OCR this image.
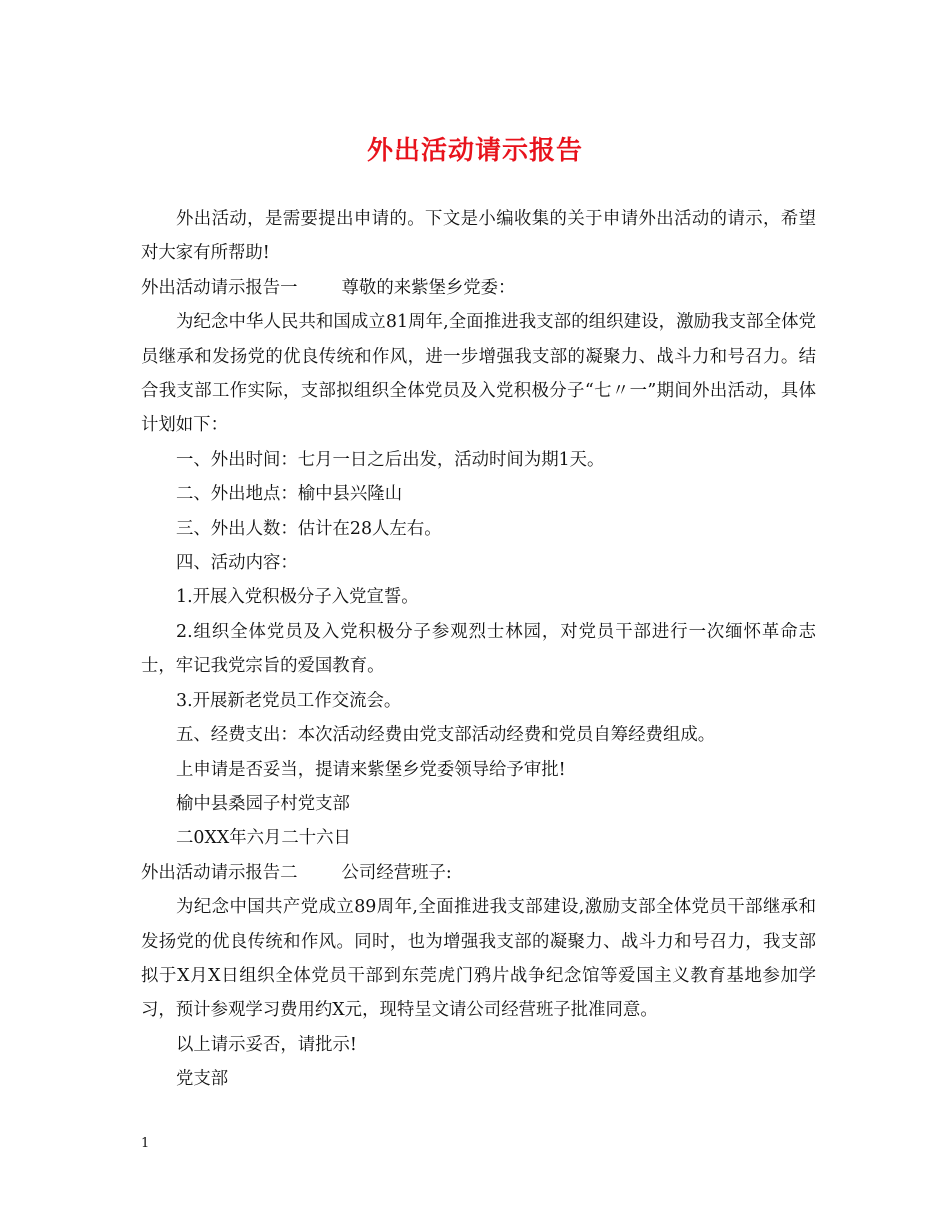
外出活动请示报告

外出活动，是需要提出申请的。下文是小编收集的关于申请外出活动的请示，希望对大家有所帮助!

外出活动请示报告一	尊敬的来紫堡乡党委：

为纪念中华人民共和国成立81周年,全面推进我支部的组织建设，激励我支部全体党员继承和发扬党的优良传统和作风，进一步增强我支部的凝聚力、战斗力和号召力。结合我支部工作实际，支部拟组织全体党员及入党积极分子“七〃一”期间外出活动，具体计划如下：

一、外出时间：七月一日之后出发，活动时间为期1天。

二、外出地点：榆中县兴隆山

三、外出人数：估计在28人左右。

四、活动内容：

1.开展入党积极分子入党宣誓。

2.组织全体党员及入党积极分子参观烈士林园，对党员干部进行一次缅怀革命志士，牢记我党宗旨的爱国教育。

3.开展新老党员工作交流会。

五、经费支出：本次活动经费由党支部活动经费和党员自筹经费组成。

上申请是否妥当，提请来紫堡乡党委领导给予审批!

榆中县桑园子村党支部

二0XX年六月二十六日

外出活动请示报告二	公司经营班子:

为纪念中国共产党成立89周年,全面推进我支部建设,激励支部全体党员干部继承和发扬党的优良传统和作风。同时，也为增强我支部的凝聚力、战斗力和号召力，我支部拟于X月X日组织全体党员干部到东莞虎门鸦片战争纪念馆等爱国主义教育基地参加学习，预计参观学习费用约X元，现特呈文请公司经营班子批准同意。

以上请示妥否，请批示!

党支部

1
